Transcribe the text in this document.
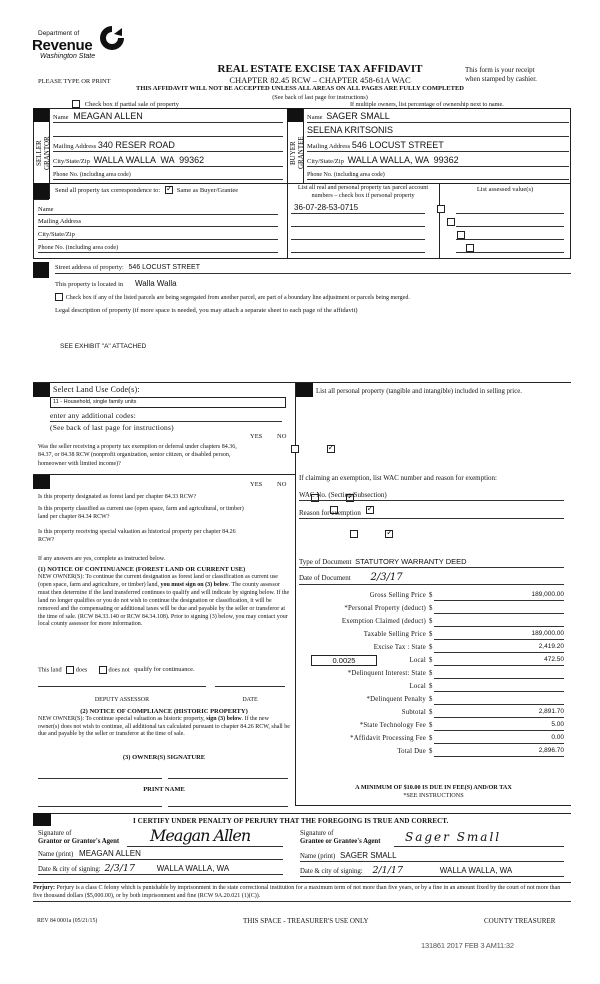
Department of
Revenue
Washington State
REAL ESTATE EXCISE TAX AFFIDAVIT
CHAPTER 82.45 RCW – CHAPTER 458-61A WAC
PLEASE TYPE OR PRINT
This form is your receipt
when stamped by cashier.
THIS AFFIDAVIT WILL NOT BE ACCEPTED UNLESS ALL AREAS ON ALL PAGES ARE FULLY COMPLETED
(See back of last page for instructions)
Check box if partial sale of property	If multiple owners, list percentage of ownership next to name.
SELLER
GRANTOR
Name MEAGAN ALLEN
Mailing Address 340 RESER ROAD
City/State/Zip WALLA WALLA  WA  99362
Phone No. (including area code)
BUYER
GRANTEE
Name SAGER SMALL
SELENA KRITSONIS
Mailing Address 546 LOCUST STREET
City/State/Zip WALLA WALLA, WA  99362
Phone No. (including area code)
Send all property tax correspondence to: ✓	Same as Buyer/Grantee
Name
Mailing Address
City/State/Zip
Phone No. (including area code)
List all real and personal property tax parcel account
numbers – check box if personal property
List assessed value(s)
36-07-28-53-0715

Street address of property: 546 LOCUST STREET
This property is located in Walla Walla
Check box if any of the listed parcels are being segregated from another parcel, are part of a boundary line adjustment or parcels being merged.
Legal description of property (if more space is needed, you may attach a separate sheet to each page of the affidavit)
SEE EXHIBIT "A" ATTACHED
Select Land Use Code(s):
11 - Household, single family units
enter any additional codes:
(See back of last page for instructions)
YES NO
Was the seller receiving a property tax exemption or deferral under chapters 84.36, 84.37, or 84.38 RCW (nonprofit organization, senior citizen, or disabled person, homeowner with limited income)?
✓
YES NO
Is this property designated as forest land per chapter 84.33 RCW?
✓
Is this property classified as current use (open space, farm and agricultural, or timber) land per chapter 84.34 RCW?
✓
Is this property receiving special valuation as historical property per chapter 84.26 RCW?
✓
If any answers are yes, complete as instructed below.
(1) NOTICE OF CONTINUANCE (FOREST LAND OR CURRENT USE)
NEW OWNER(S): To continue the current designation as forest land or classification as current use (open space, farm and agriculture, or timber) land, you must sign on (3) below. The county assessor must then determine if the land transferred continues to qualify and will indicate by signing below. If the land no longer qualifies or you do not wish to continue the designation or classification, it will be removed and the compensating or additional taxes will be due and payable by the seller or transferor at the time of sale. (RCW 84.33.140 or RCW 84.34.108). Prior to signing (3) below, you may contact your local county assessor for more information.
This land does	does not qualify for continuance.
DEPUTY ASSESSOR	DATE
(2) NOTICE OF COMPLIANCE (HISTORIC PROPERTY)
NEW OWNER(S): To continue special valuation as historic property, sign (3) below. If the new owner(s) does not wish to continue, all additional tax calculated pursuant to chapter 84.26 RCW, shall be due and payable by the seller or transferor at the time of sale.
(3) OWNER(S) SIGNATURE
PRINT NAME
List all personal property (tangible and intangible) included in selling price.
If claiming an exemption, list WAC number and reason for exemption:
WAC No. (Section/Subsection)
Reason for exemption
Type of Document STATUTORY WARRANTY DEED
Date of Document 2/3/17
Gross Selling Price $	189,000.00
*Personal Property (deduct) $
Exemption Claimed (deduct) $
Taxable Selling Price $	189,000.00
Excise Tax : State $	2,419.20
0.0025	Local $	472.50
*Delinquent Interest: State $
Local $
*Delinquent Penalty $
Subtotal $	2,891.70
*State Technology Fee $	5.00
*Affidavit Processing Fee $	0.00
Total Due $	2,896.70
A MINIMUM OF $10.00 IS DUE IN FEE(S) AND/OR TAX
*SEE INSTRUCTIONS
I CERTIFY UNDER PENALTY OF PERJURY THAT THE FOREGOING IS TRUE AND CORRECT.
Signature of
Grantor or Grantor's Agent Meagan Allen
Name (print) MEAGAN ALLEN
Date & city of signing: 2/3/17	WALLA WALLA, WA
Signature of
Grantee or Grantee's Agent Sager Small
Name (print) SAGER SMALL
Date & city of signing: 2/1/17	WALLA WALLA, WA
Perjury: Perjury is a class C felony which is punishable by imprisonment in the state correctional institution for a maximum term of not more than five years, or by a fine in an amount fixed by the court of not more than five thousand dollars ($5,000.00), or by both imprisonment and fine (RCW 9A.20.021 (1)(C)).
REV 84 0001a (05/21/15)	THIS SPACE - TREASURER'S USE ONLY	COUNTY TREASURER
131861 2017 FEB 3 AM11:32
